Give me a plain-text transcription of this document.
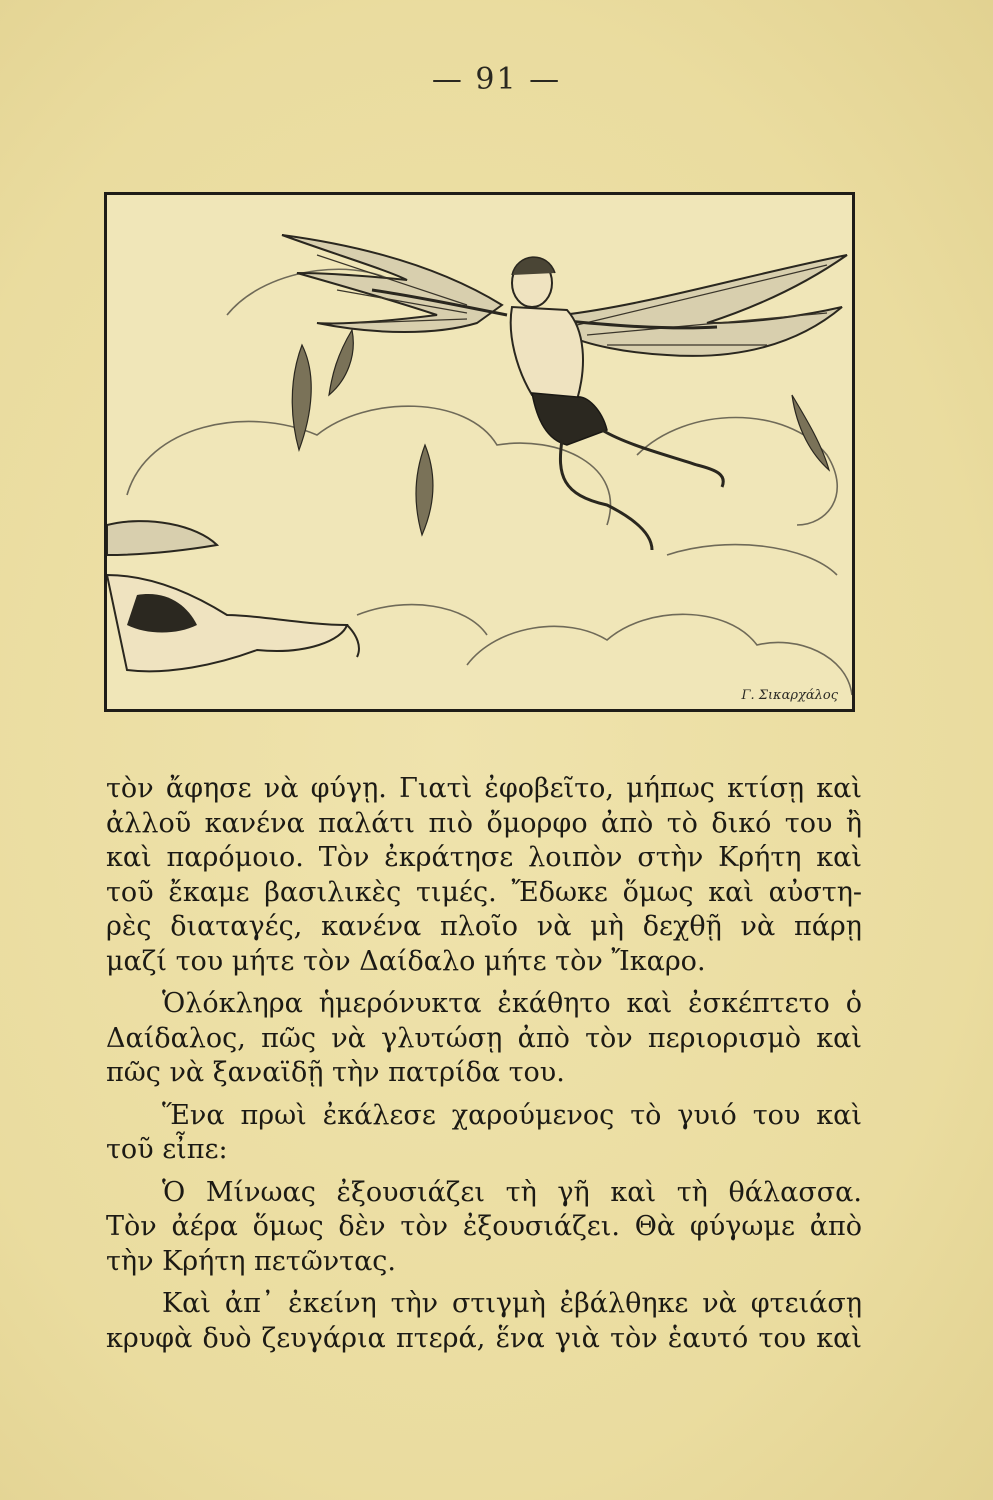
— 91 —
Γ. Σικαρχάλος
τὸν ἄφησε νὰ φύγῃ. Γιατὶ ἐφοβεῖτο, μήπως κτίσῃ καὶ
ἀλλοῦ κανένα παλάτι πιὸ ὄμορφο ἀπὸ τὸ δικό του ἢ
καὶ παρόμοιο. Τὸν ἐκράτησε λοιπὸν στὴν Κρήτη καὶ
τοῦ ἔκαμε βασιλικὲς τιμές. Ἔδωκε ὅμως καὶ αὐστη-
ρὲς διαταγές, κανένα πλοῖο νὰ μὴ δεχθῇ νὰ πάρῃ
μαζί του μήτε τὸν Δαίδαλο μήτε τὸν Ἴκαρο.
Ὁλόκληρα ἡμερόνυκτα ἐκάθητο καὶ ἐσκέπτετο ὁ
Δαίδαλος, πῶς νὰ γλυτώσῃ ἀπὸ τὸν περιορισμὸ καὶ
πῶς νὰ ξαναϊδῇ τὴν πατρίδα του.
Ἕνα πρωὶ ἐκάλεσε χαρούμενος τὸ γυιό του καὶ
τοῦ εἶπε:
Ὁ Μίνωας ἐξουσιάζει τὴ γῆ καὶ τὴ θάλασσα.
Τὸν ἀέρα ὅμως δὲν τὸν ἐξουσιάζει. Θὰ φύγωμε ἀπὸ
τὴν Κρήτη πετῶντας.
Καὶ ἀπ᾽ ἐκείνη τὴν στιγμὴ ἐβάλθηκε νὰ φτειάσῃ
κρυφὰ δυὸ ζευγάρια πτερά, ἕνα γιὰ τὸν ἑαυτό του καὶ
